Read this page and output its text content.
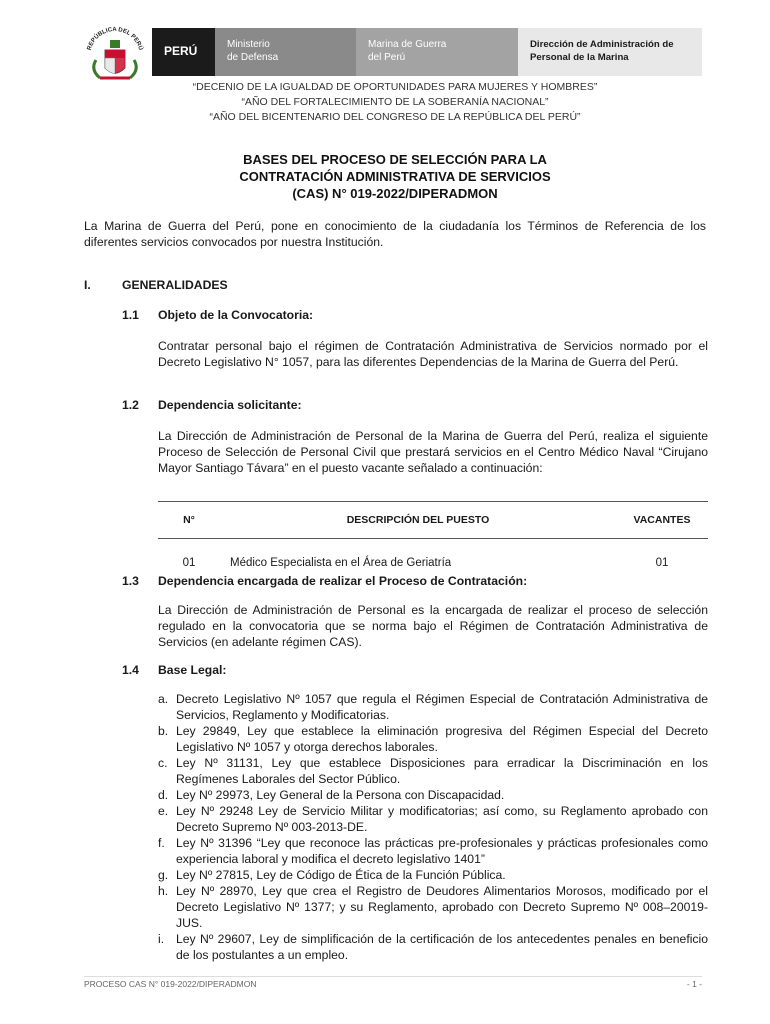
REPÚBLICA DEL PERÚ	PERÚ	Ministerio
de Defensa
Marina de Guerra
del Perú
Dirección de Administración de
Personal de la Marina
“DECENIO DE LA IGUALDAD DE OPORTUNIDADES PARA MUJERES Y HOMBRES”
“AÑO DEL FORTALECIMIENTO DE LA SOBERANÍA NACIONAL”
“AÑO DEL BICENTENARIO DEL CONGRESO DE LA REPÚBLICA DEL PERÚ”
BASES DEL PROCESO DE SELECCIÓN PARA LA
CONTRATACIÓN ADMINISTRATIVA DE SERVICIOS
(CAS) N° 019-2022/DIPERADMON
La Marina de Guerra del Perú, pone en conocimiento de la ciudadanía los Términos de Referencia de los diferentes servicios convocados por nuestra Institución.
I.	GENERALIDADES
1.1 Objeto de la Convocatoria:
Contratar personal bajo el régimen de Contratación Administrativa de Servicios normado por el Decreto Legislativo N° 1057, para las diferentes Dependencias de la Marina de Guerra del Perú.
1.2 Dependencia solicitante:
La Dirección de Administración de Personal de la Marina de Guerra del Perú, realiza el siguiente Proceso de Selección de Personal Civil que prestará servicios en el Centro Médico Naval “Cirujano Mayor Santiago Távara” en el puesto vacante señalado a continuación:
N°	DESCRIPCIÓN DEL PUESTO	VACANTES
01	Médico Especialista en el Área de Geriatría	01
1.3 Dependencia encargada de realizar el Proceso de Contratación:
La Dirección de Administración de Personal es la encargada de realizar el proceso de selección regulado en la convocatoria que se norma bajo el Régimen de Contratación Administrativa de Servicios (en adelante régimen CAS).
1.4 Base Legal:
a. Decreto Legislativo Nº 1057 que regula el Régimen Especial de Contratación Administrativa de Servicios, Reglamento y Modificatorias.
b. Ley 29849, Ley que establece la eliminación progresiva del Régimen Especial del Decreto Legislativo Nº 1057 y otorga derechos laborales.
c. Ley Nº 31131, Ley que establece Disposiciones para erradicar la Discriminación en los Regímenes Laborales del Sector Público.
d. Ley Nº 29973, Ley General de la Persona con Discapacidad.
e. Ley Nº 29248 Ley de Servicio Militar y modificatorias; así como, su Reglamento aprobado con Decreto Supremo Nº 003-2013-DE.
f. Ley Nº 31396 “Ley que reconoce las prácticas pre-profesionales y prácticas profesionales como experiencia laboral y modifica el decreto legislativo 1401”
g. Ley Nº 27815, Ley de Código de Ética de la Función Pública.
h. Ley Nº 28970, Ley que crea el Registro de Deudores Alimentarios Morosos, modificado por el Decreto Legislativo Nº 1377; y su Reglamento, aprobado con Decreto Supremo Nº 008–20019-JUS.
i. Ley Nº 29607, Ley de simplificación de la certificación de los antecedentes penales en beneficio de los postulantes a un empleo.
PROCESO CAS N° 019-2022/DIPERADMON	- 1 -
